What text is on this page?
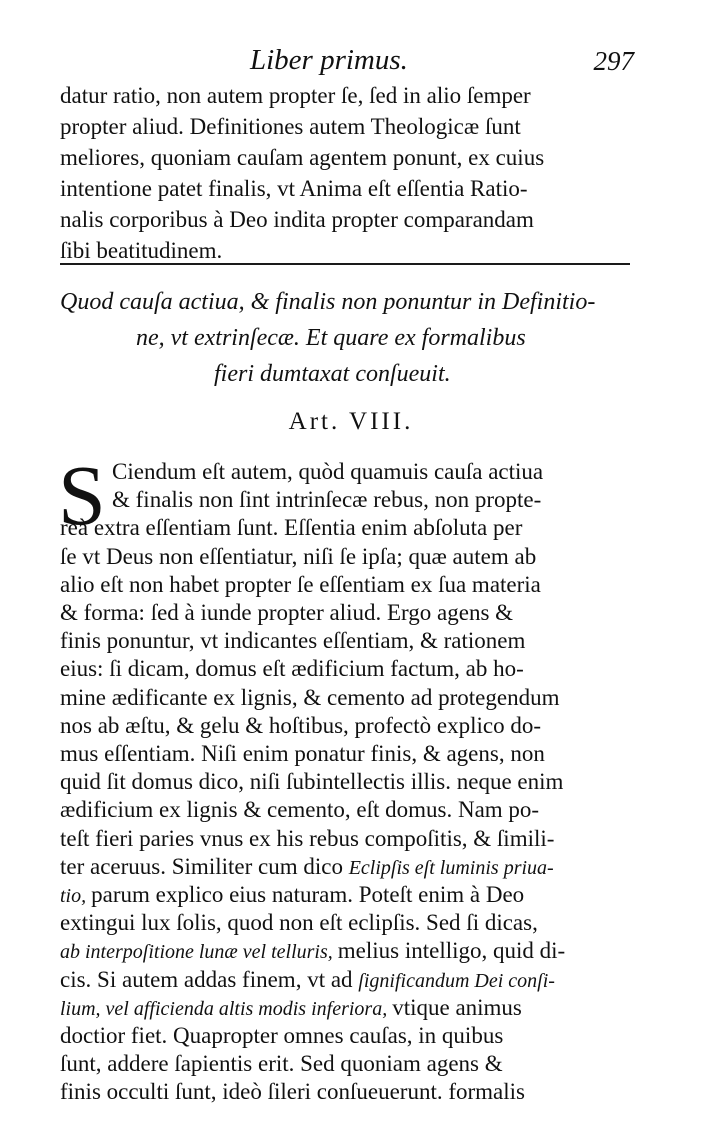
Liber primus.	297
datur ratio, non autem propter ſe, ſed in alio ſemper
propter aliud. Definitiones autem Theologicæ ſunt
meliores, quoniam cauſam agentem ponunt, ex cuius
intentione patet finalis, vt Anima eſt eſſentia Ratio-
nalis corporibus à Deo indita propter comparandam
ſibi beatitudinem.
Quod cauſa actiua, & finalis non ponuntur in Definitio-
ne, vt extrinſecæ. Et quare ex formalibus
fieri dumtaxat conſueuit.
Art. VIII.
S Ciendum eſt autem, quòd quamuis cauſa actiua
& finalis non ſint intrinſecæ rebus, non propte-
reà extra eſſentiam ſunt. Eſſentia enim abſoluta per
ſe vt Deus non eſſentiatur, niſi ſe ipſa; quæ autem ab
alio eſt non habet propter ſe eſſentiam ex ſua materia
& forma: ſed à iunde propter aliud. Ergo agens &
finis ponuntur, vt indicantes eſſentiam, & rationem
eius: ſi dicam, domus eſt ædificium factum, ab ho-
mine ædificante ex lignis, & cemento ad protegendum
nos ab æſtu, & gelu & hoſtibus, profectò explico do-
mus eſſentiam. Niſi enim ponatur finis, & agens, non
quid ſit domus dico, niſi ſubintellectis illis. neque enim
ædificium ex lignis & cemento, eſt domus. Nam po-
teſt fieri paries vnus ex his rebus compoſitis, & ſimili-
ter aceruus. Similiter cum dico Eclipſis eſt luminis priua-
tio, parum explico eius naturam. Poteſt enim à Deo
extingui lux ſolis, quod non eſt eclipſis. Sed ſi dicas,
ab interpoſitione lunæ vel telluris, melius intelligo, quid di-
cis. Si autem addas finem, vt ad ſignificandum Dei conſi-
lium, vel afficienda altis modis inferiora, vtique animus
doctior fiet. Quapropter omnes cauſas, in quibus
ſunt, addere ſapientis erit. Sed quoniam agens &
finis occulti ſunt, ideò ſileri conſueuerunt. formalis
